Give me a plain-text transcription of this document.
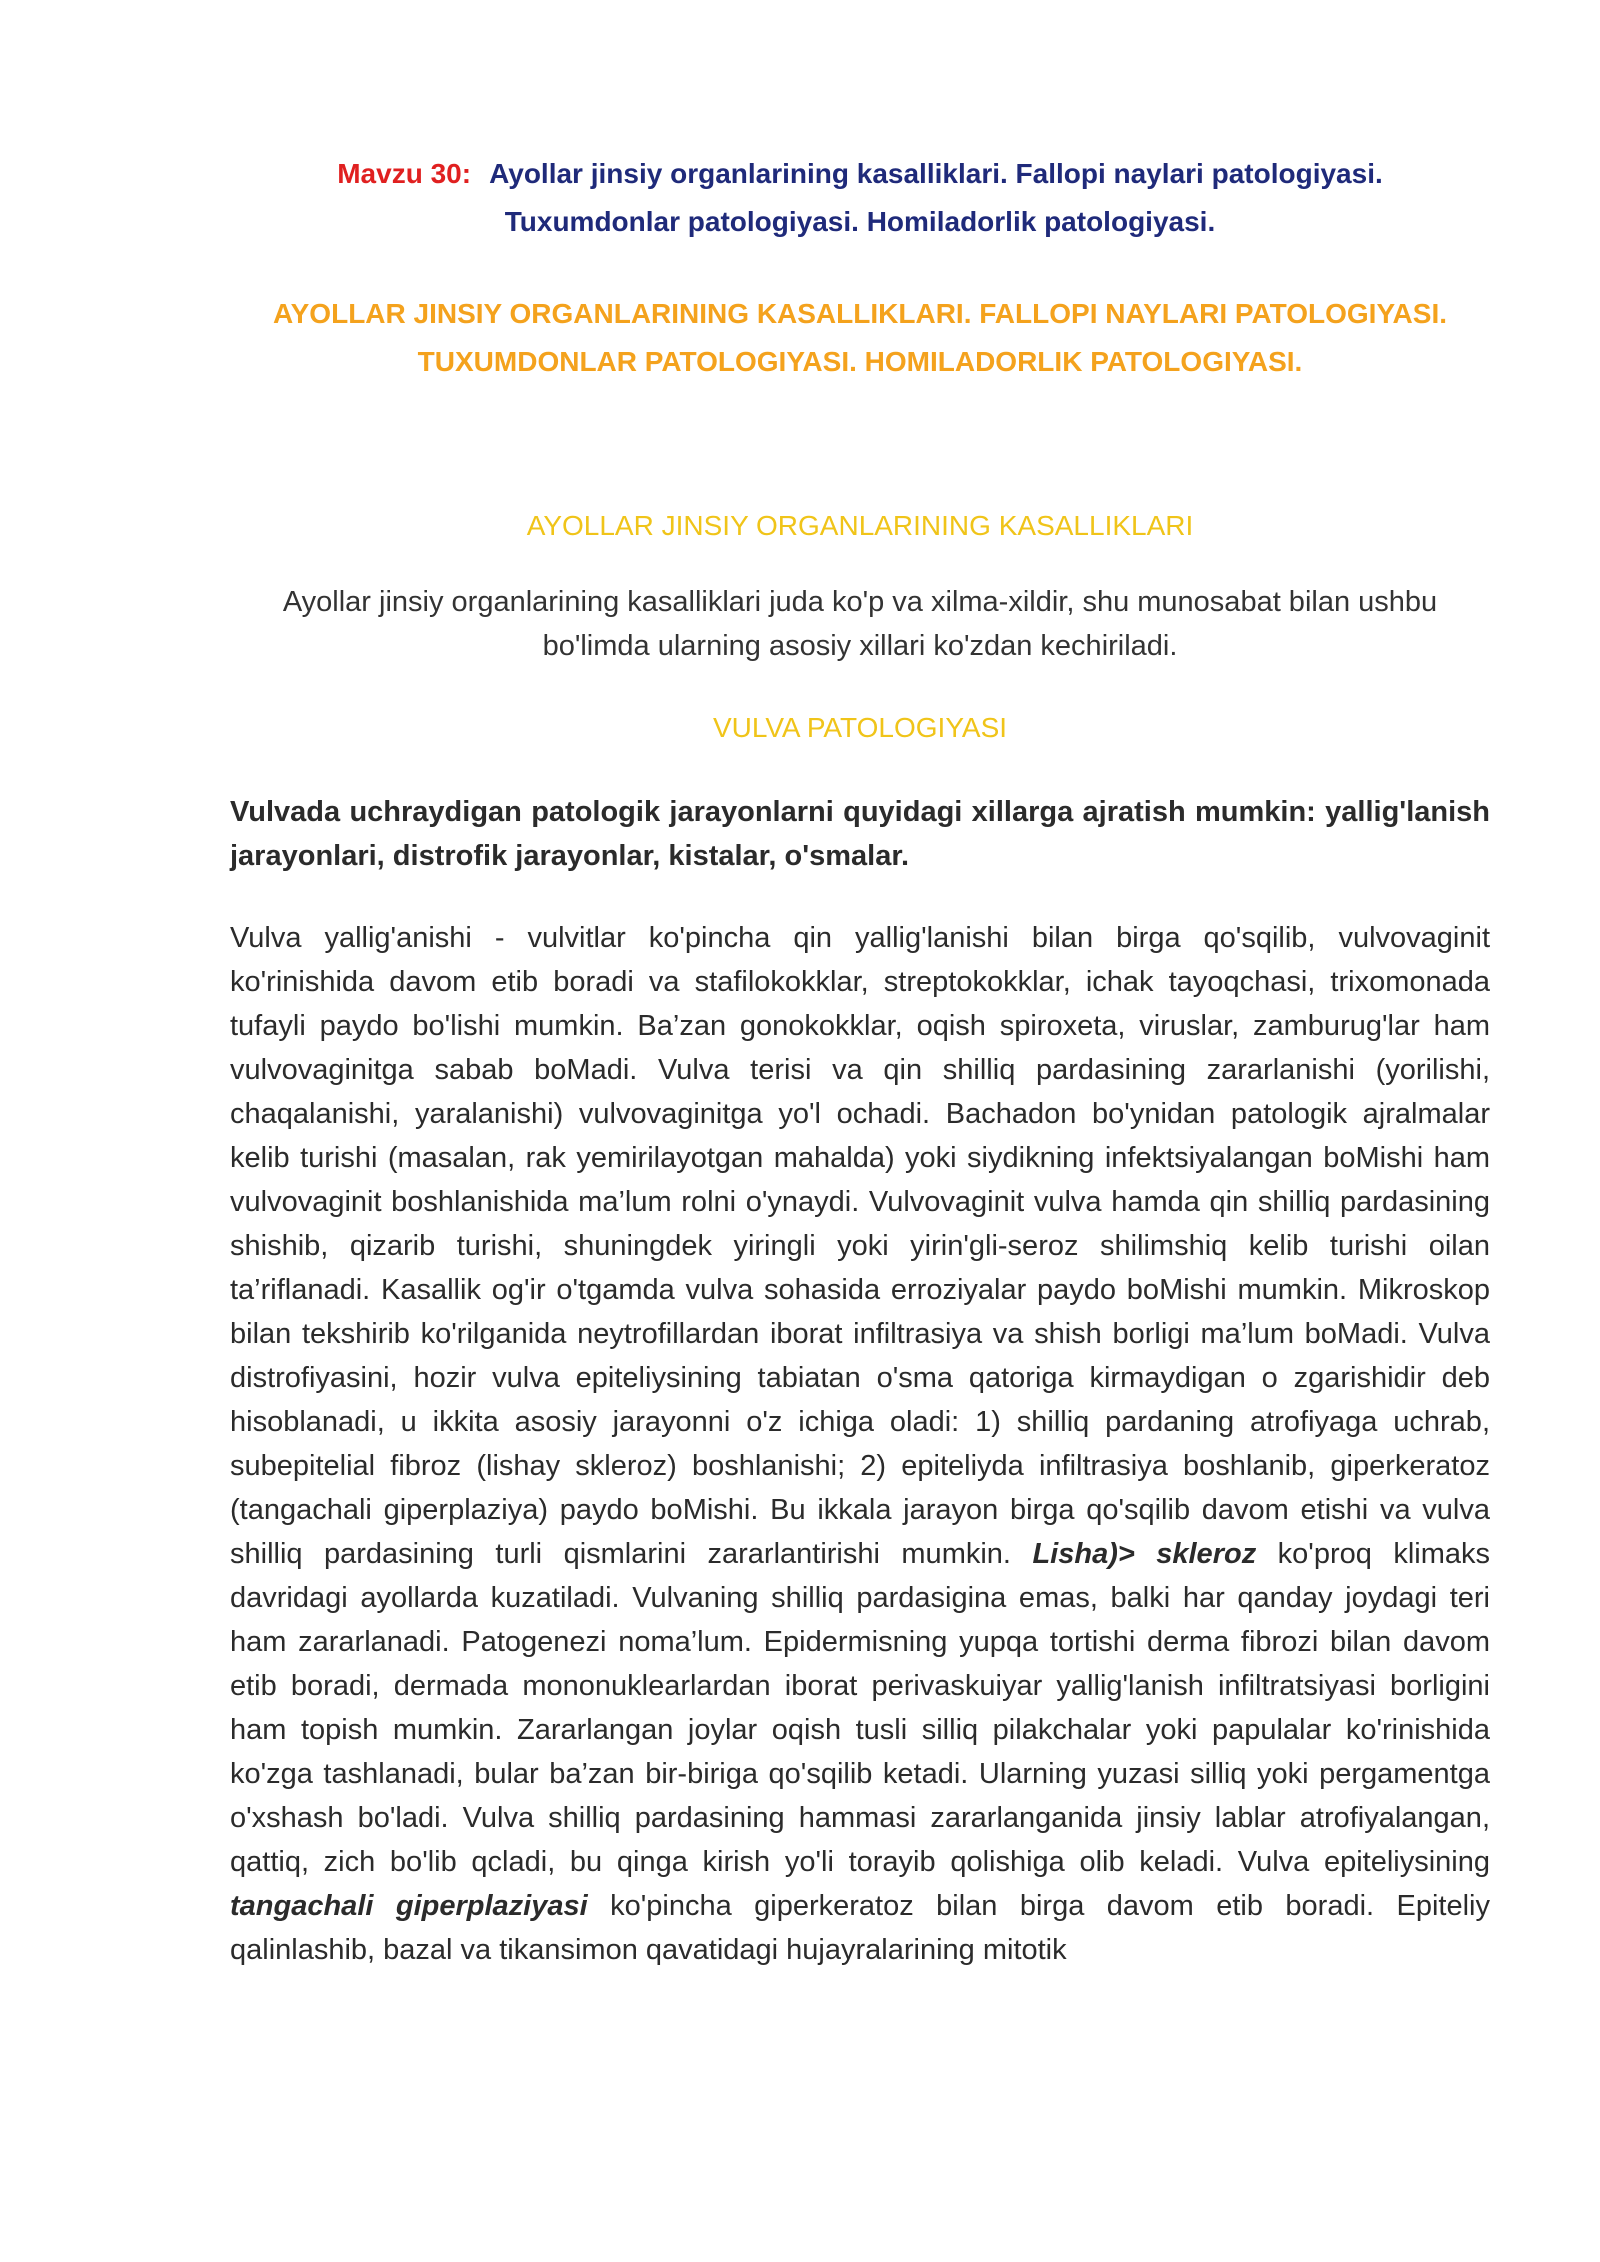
Mavzu 30: Ayollar jinsiy organlarining kasalliklari. Fallopi naylari patologiyasi.
Tuxumdonlar patologiyasi. Homiladorlik patologiyasi.

AYOLLAR JINSIY ORGANLARINING KASALLIKLARI. FALLOPI NAYLARI PATOLOGIYASI.
TUXUMDONLAR PATOLOGIYASI. HOMILADORLIK PATOLOGIYASI.

AYOLLAR JINSIY ORGANLARINING KASALLIKLARI

Ayollar jinsiy organlarining kasalliklari juda ko'p va xilma-xildir, shu munosabat bilan ushbu bo'limda ularning asosiy xillari ko'zdan kechiriladi.

VULVA PATOLOGIYASI

Vulvada uchraydigan patologik jarayonlarni quyidagi xillarga ajratish mumkin: yallig'lanish jarayonlari, distrofik jarayonlar, kistalar, o'smalar.

Vulva yallig'anishi - vulvitlar ko'pincha qin yallig'lanishi bilan birga qo'sqilib, vulvovaginit ko'rinishida davom etib boradi va stafilokokklar, streptokokklar, ichak tayoqchasi, trixomonada tufayli paydo bo'lishi mumkin. Ba’zan gonokokklar, oqish spiroxeta, viruslar, zamburug'lar ham vulvovaginitga sabab boMadi. Vulva terisi va qin shilliq pardasining zararlanishi (yorilishi, chaqalanishi, yaralanishi) vulvovaginitga yo'l ochadi. Bachadon bo'ynidan patologik ajralmalar kelib turishi (masalan, rak yemirilayotgan mahalda) yoki siydikning infektsiyalangan boMishi ham vulvovaginit boshlanishida ma’lum rolni o'ynaydi. Vulvovaginit vulva hamda qin shilliq pardasining shishib, qizarib turishi, shuningdek yiringli yoki yirin'gli-seroz shilimshiq kelib turishi oilan ta’riflanadi. Kasallik og'ir o'tgamda vulva sohasida erroziyalar paydo boMishi mumkin. Mikroskop bilan tekshirib ko'rilganida neytrofillardan iborat infiltrasiya va shish borligi ma’lum boMadi. Vulva distrofiyasini, hozir vulva epiteliysining tabiatan o'sma qatoriga kirmaydigan o zgarishidir deb hisoblanadi, u ikkita asosiy jarayonni o'z ichiga oladi: 1) shilliq pardaning atrofiyaga uchrab, subepitelial fibroz (lishay skleroz) boshlanishi; 2) epiteliyda infiltrasiya boshlanib, giperkeratoz (tangachali giperplaziya) paydo boMishi. Bu ikkala jarayon birga qo'sqilib davom etishi va vulva shilliq pardasining turli qismlarini zararlantirishi mumkin. Lisha)> skleroz ko'proq klimaks davridagi ayollarda kuzatiladi. Vulvaning shilliq pardasigina emas, balki har qanday joydagi teri ham zararlanadi. Patogenezi noma’lum. Epidermisning yupqa tortishi derma fibrozi bilan davom etib boradi, dermada mononuklearlardan iborat perivaskuiyar yallig'lanish infiltratsiyasi borligini ham topish mumkin. Zararlangan joylar oqish tusli silliq pilakchalar yoki papulalar ko'rinishida ko'zga tashlanadi, bular ba’zan bir-biriga qo'sqilib ketadi. Ularning yuzasi silliq yoki pergamentga o'xshash bo'ladi. Vulva shilliq pardasining hammasi zararlanganida jinsiy lablar atrofiyalangan, qattiq, zich bo'lib qcladi, bu qinga kirish yo'li torayib qolishiga olib keladi. Vulva epiteliysining tangachali giperplaziyasi ko'pincha giperkeratoz bilan birga davom etib boradi. Epiteliy qalinlashib, bazal va tikansimon qavatidagi hujayralarining mitotik
